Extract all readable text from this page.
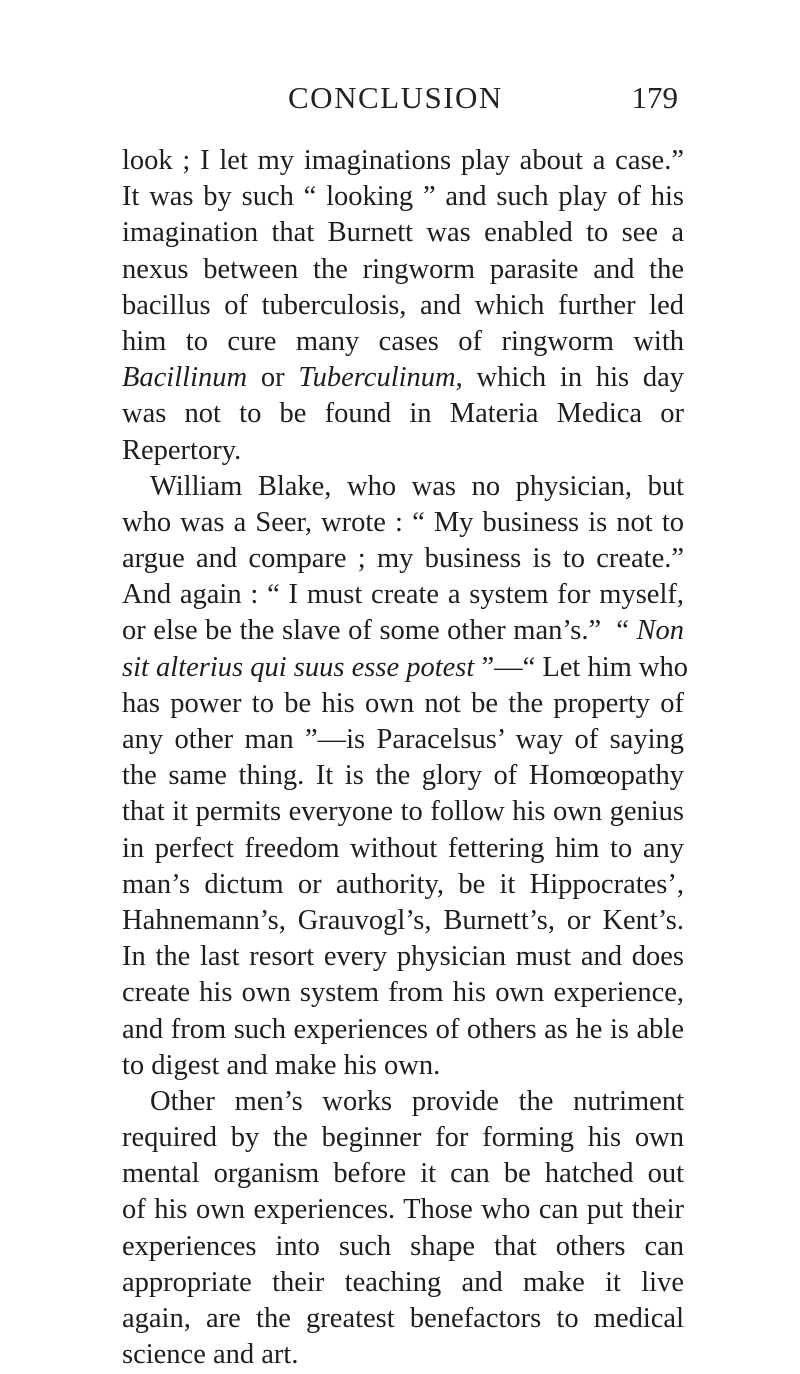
CONCLUSION	179
look ; I let my imaginations play about a case.”
It was by such “ looking ” and such play of his
imagination that Burnett was enabled to see a
nexus between the ringworm parasite and the
bacillus of tuberculosis, and which further led
him to cure many cases of ringworm with
Bacillinum or Tuberculinum, which in his day
was not to be found in Materia Medica or
Repertory.
William Blake, who was no physician, but
who was a Seer, wrote : “ My business is not to
argue and compare ; my business is to create.”
And again : “ I must create a system for myself,
or else be the slave of some other man’s.”  “ Non
sit alterius qui suus esse potest ”—“ Let him who
has power to be his own not be the property of
any other man ”—is Paracelsus’ way of saying
the same thing. It is the glory of Homœopathy
that it permits everyone to follow his own genius
in perfect freedom without fettering him to any
man’s dictum or authority, be it Hippocrates’,
Hahnemann’s, Grauvogl’s, Burnett’s, or Kent’s.
In the last resort every physician must and does
create his own system from his own experience,
and from such experiences of others as he is able
to digest and make his own.
Other men’s works provide the nutriment
required by the beginner for forming his own
mental organism before it can be hatched out
of his own experiences. Those who can put their
experiences into such shape that others can
appropriate their teaching and make it live
again, are the greatest benefactors to medical
science and art.
